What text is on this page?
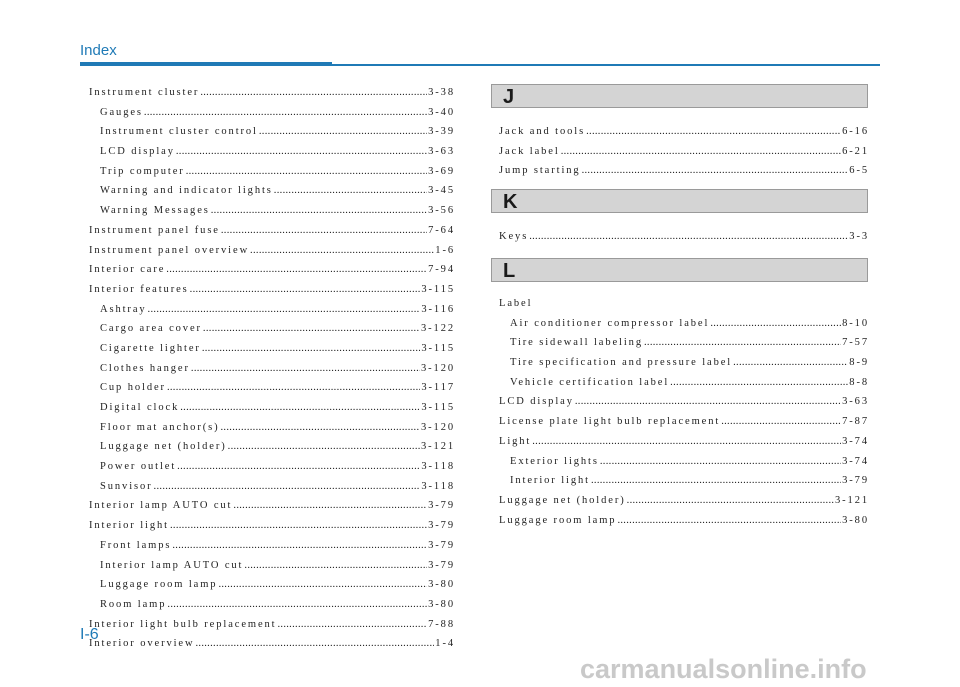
Index
Instrument cluster .....	3-38
Gauges .....	3-40
Instrument cluster control .....	3-39
LCD display .....	3-63
Trip computer .....	3-69
Warning and indicator lights .....	3-45
Warning Messages .....	3-56
Instrument panel fuse .....	7-64
Instrument panel overview .....	1-6
Interior care .....	7-94
Interior features .....	3-115
Ashtray .....	3-116
Cargo area cover .....	3-122
Cigarette lighter .....	3-115
Clothes hanger .....	3-120
Cup holder .....	3-117
Digital clock .....	3-115
Floor mat anchor(s) .....	3-120
Luggage net (holder) .....	3-121
Power outlet .....	3-118
Sunvisor .....	3-118
Interior lamp AUTO cut .....	3-79
Interior light .....	3-79
Front lamps .....	3-79
Interior lamp AUTO cut .....	3-79
Luggage room lamp .....	3-80
Room lamp .....	3-80
Interior light bulb replacement .....	7-88
Interior overview .....	1-4
J
Jack and tools .....	6-16
Jack label .....	6-21
Jump starting .....	6-5
K
Keys .....	3-3
L
Label
Air conditioner compressor label .....	8-10
Tire sidewall labeling .....	7-57
Tire specification and pressure label .....	8-9
Vehicle certification label .....	8-8
LCD display .....	3-63
License plate light bulb replacement .....	7-87
Light .....	3-74
Exterior lights .....	3-74
Interior light .....	3-79
Luggage net (holder) .....	3-121
Luggage room lamp .....	3-80
I-6
carmanualsonline.info
